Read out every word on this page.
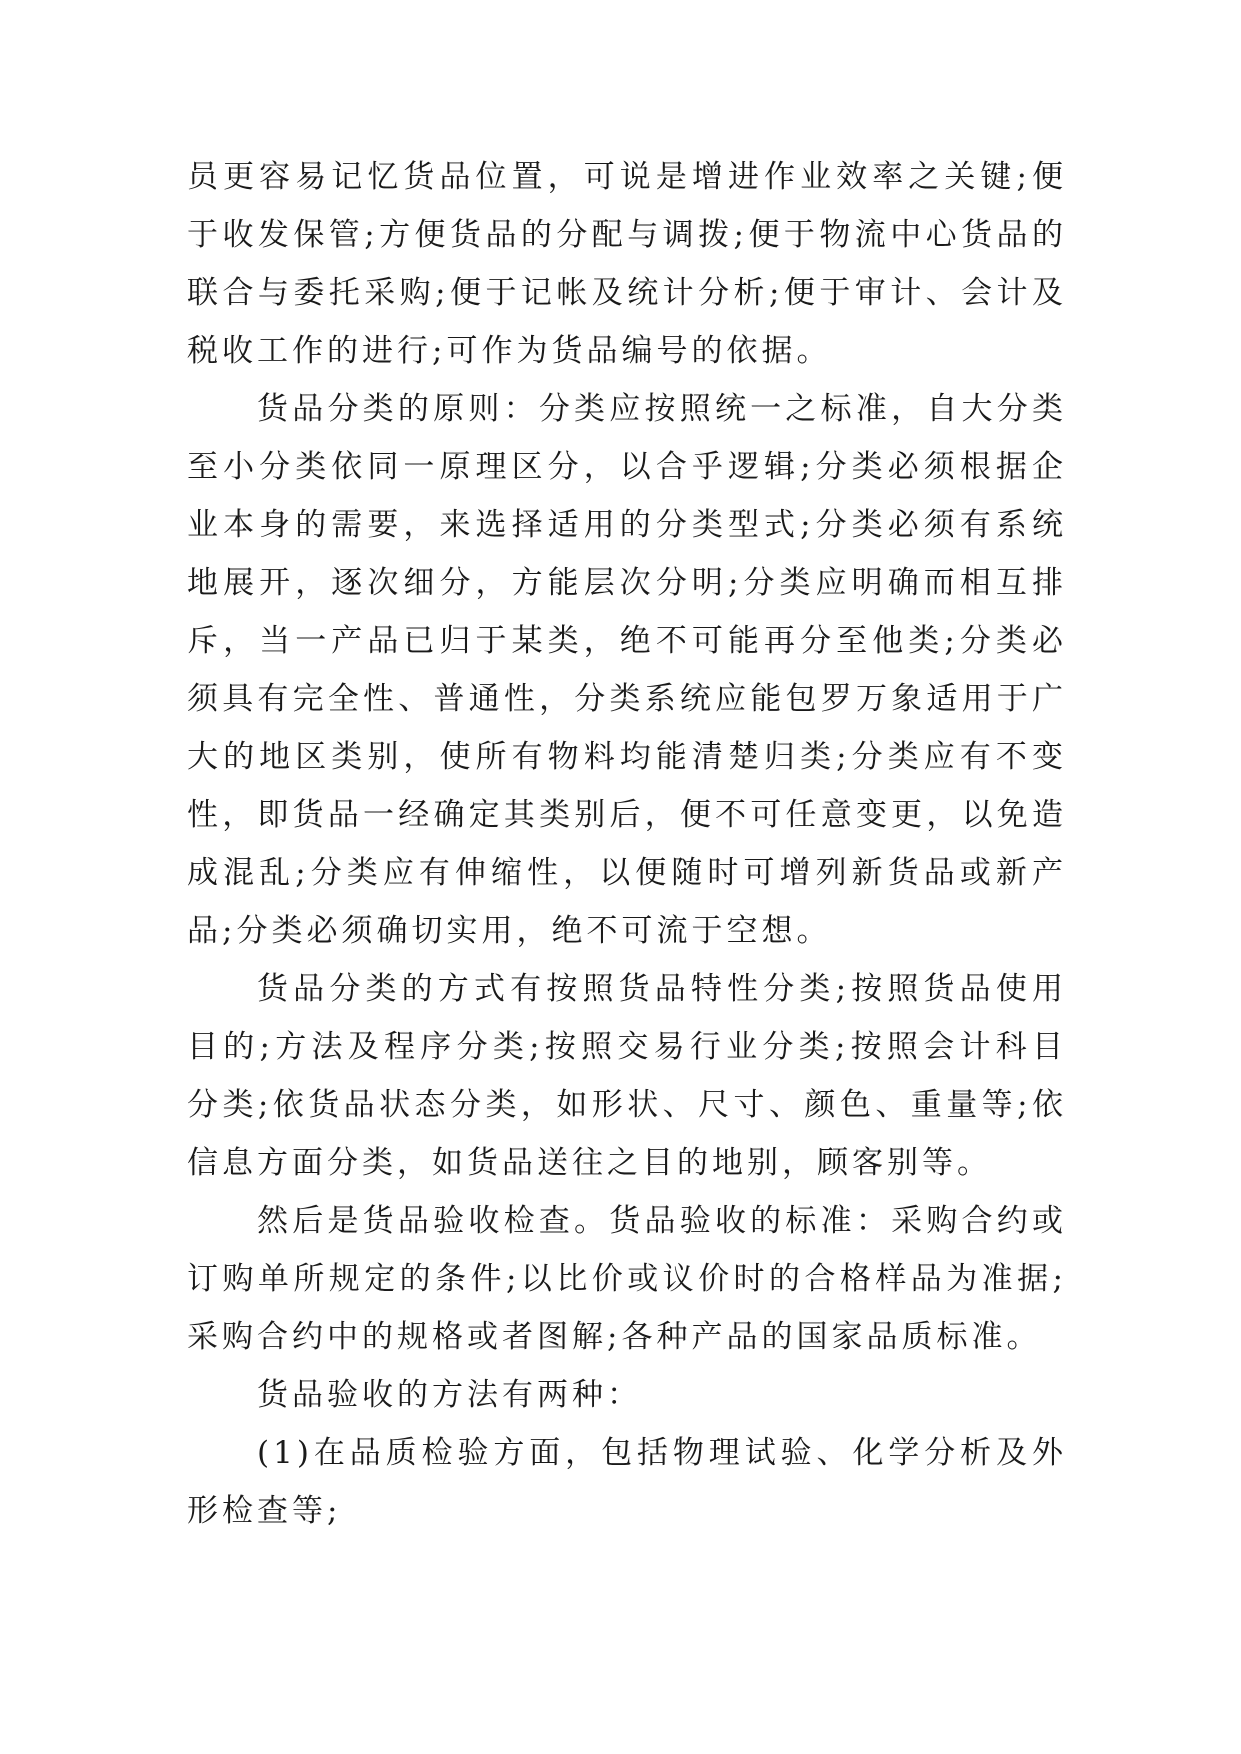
员更容易记忆货品位置，可说是增进作业效率之关键;便于收发保管;方便货品的分配与调拨;便于物流中心货品的联合与委托采购;便于记帐及统计分析;便于审计、会计及税收工作的进行;可作为货品编号的依据。

货品分类的原则：分类应按照统一之标准，自大分类至小分类依同一原理区分，以合乎逻辑;分类必须根据企业本身的需要，来选择适用的分类型式;分类必须有系统地展开，逐次细分，方能层次分明;分类应明确而相互排斥，当一产品已归于某类，绝不可能再分至他类;分类必须具有完全性、普通性，分类系统应能包罗万象适用于广大的地区类别，使所有物料均能清楚归类;分类应有不变性，即货品一经确定其类别后，便不可任意变更，以免造成混乱;分类应有伸缩性，以便随时可增列新货品或新产品;分类必须确切实用，绝不可流于空想。

货品分类的方式有按照货品特性分类;按照货品使用目的;方法及程序分类;按照交易行业分类;按照会计科目分类;依货品状态分类，如形状、尺寸、颜色、重量等;依信息方面分类，如货品送往之目的地别，顾客别等。

然后是货品验收检查。货品验收的标准：采购合约或订购单所规定的条件;以比价或议价时的合格样品为准据;采购合约中的规格或者图解;各种产品的国家品质标准。

货品验收的方法有两种：

(1)在品质检验方面，包括物理试验、化学分析及外形检查等;
